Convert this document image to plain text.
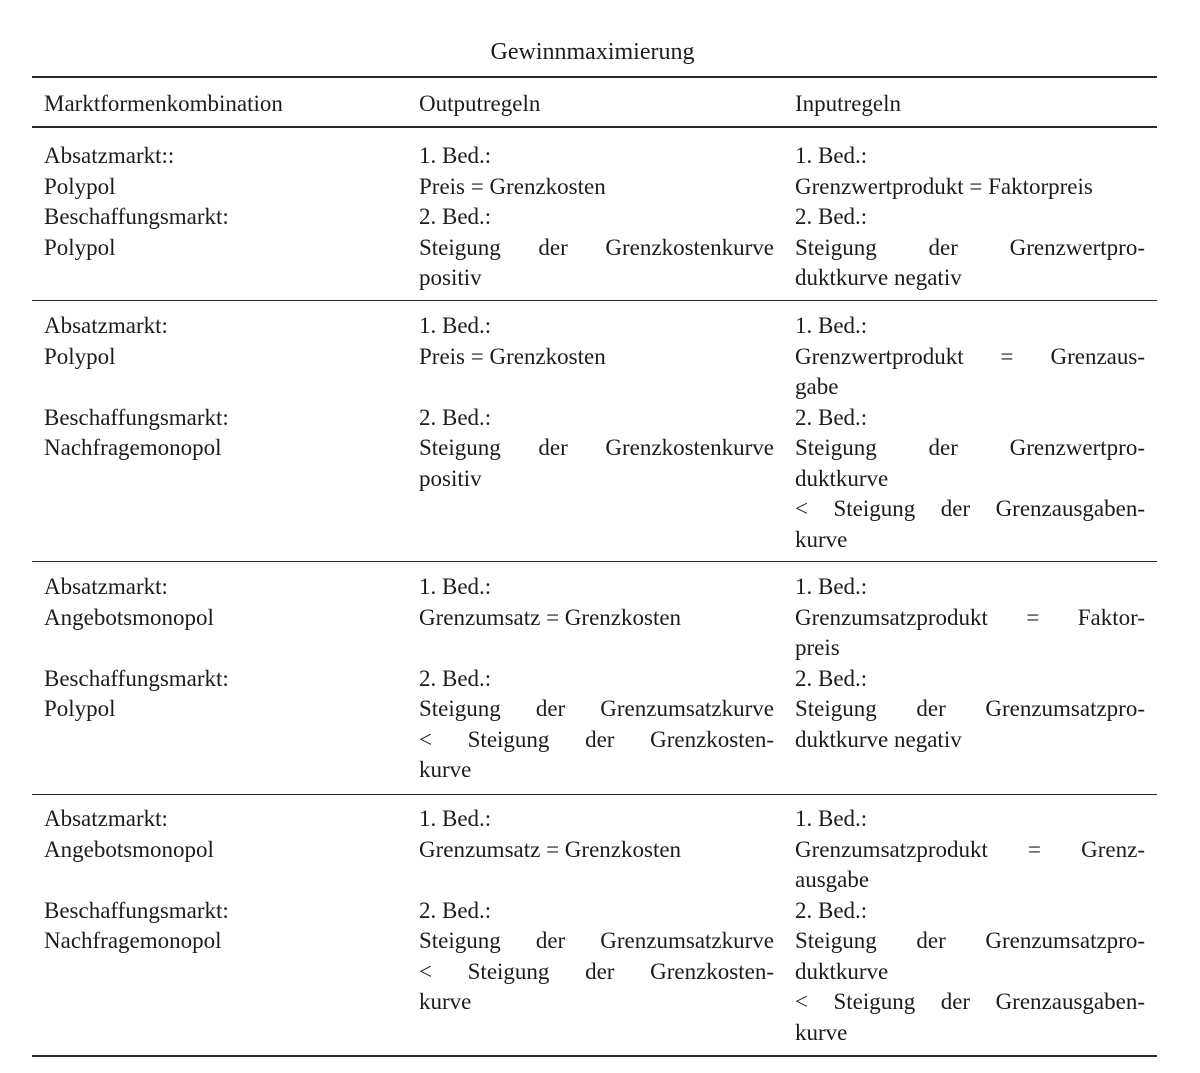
Gewinnmaximierung
Marktformenkombination	Outputregeln	Inputregeln
Absatzmarkt::
Polypol
Beschaffungsmarkt:
Polypol
1. Bed.:
Preis = Grenzkosten
2. Bed.:
Steigung der Grenzkostenkurve
positiv
1. Bed.:
Grenzwertprodukt = Faktorpreis
2. Bed.:
Steigung der Grenzwertpro-
duktkurve negativ
Absatzmarkt:
Polypol
Beschaffungsmarkt:
Nachfragemonopol
1. Bed.:
Preis = Grenzkosten
2. Bed.:
Steigung der Grenzkostenkurve
positiv
1. Bed.:
Grenzwertprodukt = Grenzaus-
gabe
2. Bed.:
Steigung der Grenzwertpro-
duktkurve
< Steigung der Grenzausgaben-
kurve
Absatzmarkt:
Angebotsmonopol
Beschaffungsmarkt:
Polypol
1. Bed.:
Grenzumsatz = Grenzkosten
2. Bed.:
Steigung der Grenzumsatzkurve
< Steigung der Grenzkosten-
kurve
1. Bed.:
Grenzumsatzprodukt = Faktor-
preis
2. Bed.:
Steigung der Grenzumsatzpro-
duktkurve negativ
Absatzmarkt:
Angebotsmonopol
Beschaffungsmarkt:
Nachfragemonopol
1. Bed.:
Grenzumsatz = Grenzkosten
2. Bed.:
Steigung der Grenzumsatzkurve
< Steigung der Grenzkosten-
kurve
1. Bed.:
Grenzumsatzprodukt = Grenz-
ausgabe
2. Bed.:
Steigung der Grenzumsatzpro-
duktkurve
< Steigung der Grenzausgaben-
kurve
